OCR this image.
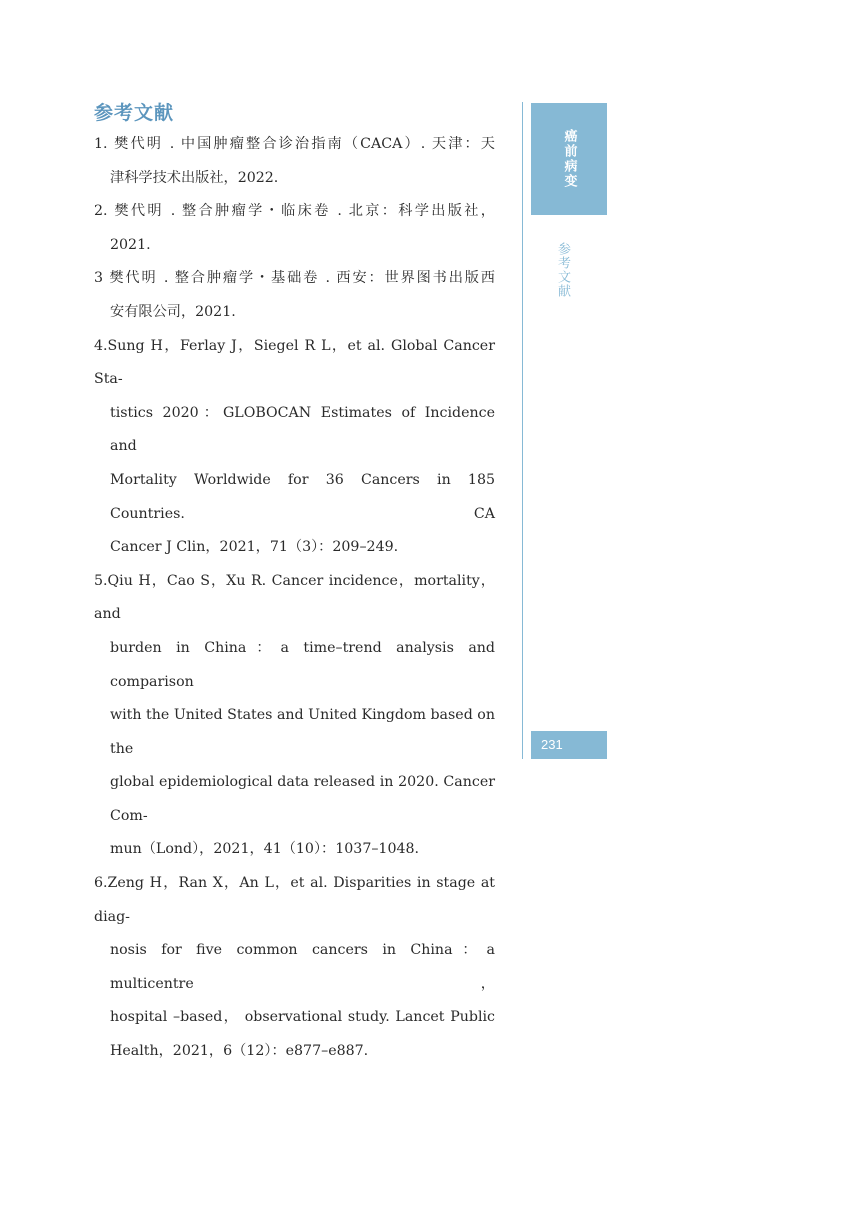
参考文献
1. 樊代明 . 中国肿瘤整合诊治指南（CACA）. 天津：天
津科学技术出版社，2022.
2. 樊代明 . 整合肿瘤学・临床卷 . 北京：科学出版社，
2021.
3 樊代明 . 整合肿瘤学・基础卷 . 西安：世界图书出版西
安有限公司，2021.
4.Sung H，Ferlay J，Siegel R L，et al. Global Cancer Sta-
tistics 2020：GLOBOCAN Estimates of Incidence and
Mortality Worldwide for 36 Cancers in 185 Countries. CA
Cancer J Clin，2021，71（3）：209–249.
5.Qiu H，Cao S，Xu R. Cancer incidence，mortality，and
burden in China：a time–trend analysis and comparison
with the United States and United Kingdom based on the
global epidemiological data released in 2020. Cancer Com-
mun（Lond），2021，41（10）：1037–1048.
6.Zeng H，Ran X，An L，et al. Disparities in stage at diag-
nosis for five common cancers in China：a multicentre，
hospital –based， observational study. Lancet Public
Health，2021，6（12）：e877–e887.
癌前病变
参考文献
231
